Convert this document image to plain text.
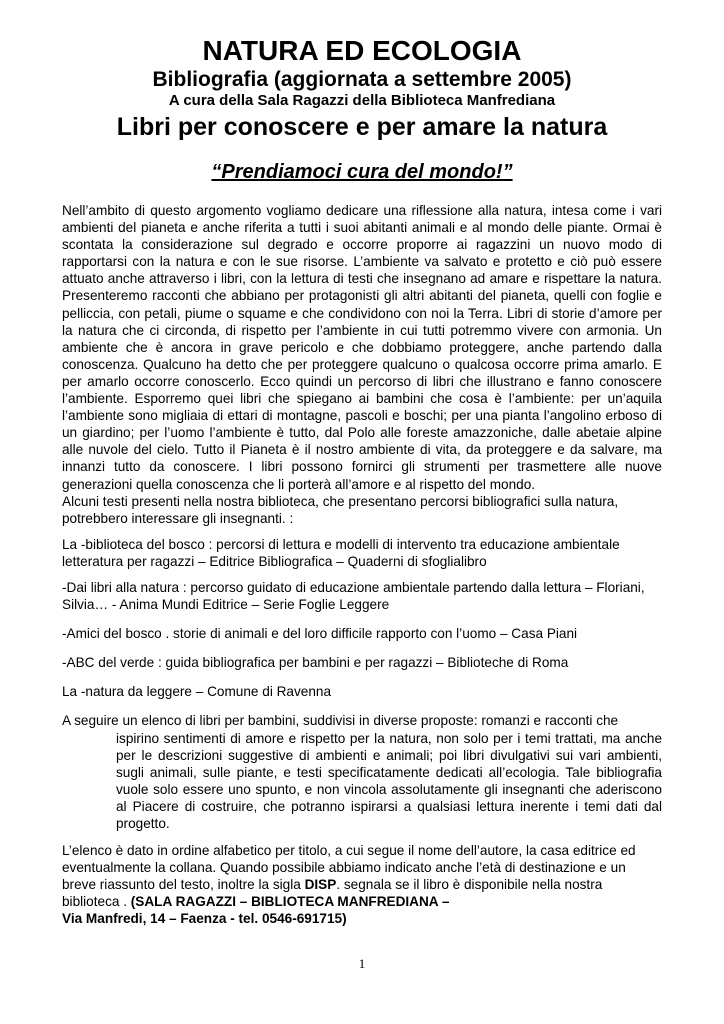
NATURA ED ECOLOGIA
Bibliografia (aggiornata a settembre 2005)
A cura della Sala Ragazzi della Biblioteca Manfrediana
Libri per conoscere e per amare la natura
“Prendiamoci cura del mondo!”

Nell’ambito di questo argomento vogliamo dedicare una riflessione alla natura, intesa come i vari ambienti del pianeta e anche riferita a tutti i suoi abitanti animali e al mondo delle piante. Ormai è scontata la considerazione sul degrado e occorre proporre ai ragazzini un nuovo modo di rapportarsi con la natura e con le sue risorse. L’ambiente va salvato e protetto e ciò può essere attuato anche attraverso i libri, con la lettura di testi che insegnano ad amare e rispettare la natura. Presenteremo racconti che abbiano per protagonisti gli altri abitanti del pianeta, quelli con foglie e pelliccia, con petali, piume o squame e che condividono con noi la Terra. Libri di storie d’amore per la natura che ci circonda, di rispetto per l’ambiente in cui tutti potremmo vivere con armonia. Un ambiente che è ancora in grave pericolo e che dobbiamo proteggere, anche partendo dalla conoscenza. Qualcuno ha detto che per proteggere qualcuno o qualcosa occorre prima amarlo. E per amarlo occorre conoscerlo. Ecco quindi un percorso di libri che illustrano e fanno conoscere l’ambiente. Esporremo quei libri che spiegano ai bambini che cosa è l’ambiente: per un’aquila l’ambiente sono migliaia di ettari di montagne, pascoli e boschi; per una pianta l’angolino erboso di un giardino; per l’uomo l’ambiente è tutto, dal Polo alle foreste amazzoniche, dalle abetaie alpine alle nuvole del cielo. Tutto il Pianeta è il nostro ambiente di vita, da proteggere e da salvare, ma innanzi tutto da conoscere. I libri possono fornirci gli strumenti per trasmettere alle nuove generazioni quella conoscenza che li porterà all’amore e al rispetto del mondo.

Alcuni testi presenti nella nostra biblioteca, che presentano percorsi bibliografici sulla natura, potrebbero interessare gli insegnanti. :

La -biblioteca del bosco : percorsi di lettura e modelli di intervento tra educazione ambientale letteratura per ragazzi – Editrice Bibliografica – Quaderni di sfoglialibro

-Dai libri alla natura : percorso guidato di educazione ambientale partendo dalla lettura – Floriani, Silvia… - Anima Mundi Editrice – Serie Foglie Leggere

-Amici del bosco . storie di animali e del loro difficile rapporto con l’uomo – Casa Piani

-ABC del verde : guida bibliografica per bambini e per ragazzi – Biblioteche di Roma

La -natura da leggere – Comune di Ravenna

A seguire un elenco di libri per bambini, suddivisi in diverse proposte: romanzi e racconti che
ispirino sentimenti di amore e rispetto per la natura, non solo per i temi trattati, ma anche per le descrizioni suggestive di ambienti e animali; poi libri divulgativi sui vari ambienti, sugli animali, sulle piante, e testi specificatamente dedicati all’ecologia. Tale bibliografia vuole solo essere uno spunto, e non vincola assolutamente gli insegnanti che aderiscono al Piacere di costruire, che potranno ispirarsi a qualsiasi lettura inerente i temi dati dal progetto.

L’elenco è dato in ordine alfabetico per titolo, a cui segue il nome dell’autore, la casa editrice ed eventualmente la collana. Quando possibile abbiamo indicato anche l’età di destinazione e un breve riassunto del testo, inoltre la sigla DISP. segnala se il libro è disponibile nella nostra biblioteca . (SALA RAGAZZI – BIBLIOTECA MANFREDIANA –
Via Manfredi, 14 – Faenza - tel. 0546-691715)

1
